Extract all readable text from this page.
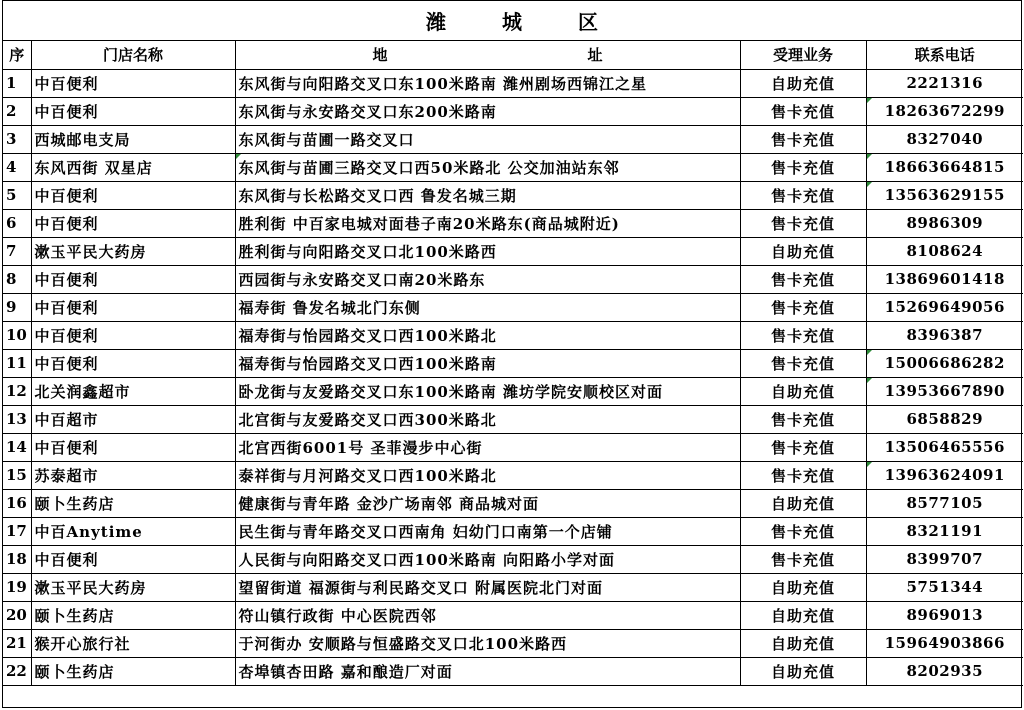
潍　城　区
序	门店名称	地 址	受理业务	联系电话
1	中百便利	东风街与向阳路交叉口东100米路南 潍州剧场西锦江之星	自助充值	2221316
2	中百便利	东风街与永安路交叉口东200米路南	售卡充值	18263672299
3	西城邮电支局	东风街与苗圃一路交叉口	售卡充值	8327040
4	东风西街 双星店	东风街与苗圃三路交叉口西50米路北 公交加油站东邻	售卡充值	18663664815
5	中百便利	东风街与长松路交叉口西 鲁发名城三期	售卡充值	13563629155
6	中百便利	胜利街 中百家电城对面巷子南20米路东(商品城附近)	售卡充值	8986309
7	漱玉平民大药房	胜利街与向阳路交叉口北100米路西	自助充值	8108624
8	中百便利	西园街与永安路交叉口南20米路东	售卡充值	13869601418
9	中百便利	福寿街 鲁发名城北门东侧	售卡充值	15269649056
10	中百便利	福寿街与怡园路交叉口西100米路北	售卡充值	8396387
11	中百便利	福寿街与怡园路交叉口西100米路南	售卡充值	15006686282
12	北关润鑫超市	卧龙街与友爱路交叉口东100米路南 潍坊学院安顺校区对面	自助充值	13953667890
13	中百超市	北宫街与友爱路交叉口西300米路北	售卡充值	6858829
14	中百便利	北宫西街6001号 圣菲漫步中心街	售卡充值	13506465556
15	苏泰超市	泰祥街与月河路交叉口西100米路北	售卡充值	13963624091
16	颐卜生药店	健康街与青年路 金沙广场南邻 商品城对面	自助充值	8577105
17	中百Anytime	民生街与青年路交叉口西南角 妇幼门口南第一个店铺	售卡充值	8321191
18	中百便利	人民街与向阳路交叉口西100米路南 向阳路小学对面	售卡充值	8399707
19	漱玉平民大药房	望留街道 福源街与利民路交叉口 附属医院北门对面	自助充值	5751344
20	颐卜生药店	符山镇行政街 中心医院西邻	自助充值	8969013
21	猴开心旅行社	于河街办 安顺路与恒盛路交叉口北100米路西	自助充值	15964903866
22	颐卜生药店	杏埠镇杏田路 嘉和酿造厂对面	自助充值	8202935
